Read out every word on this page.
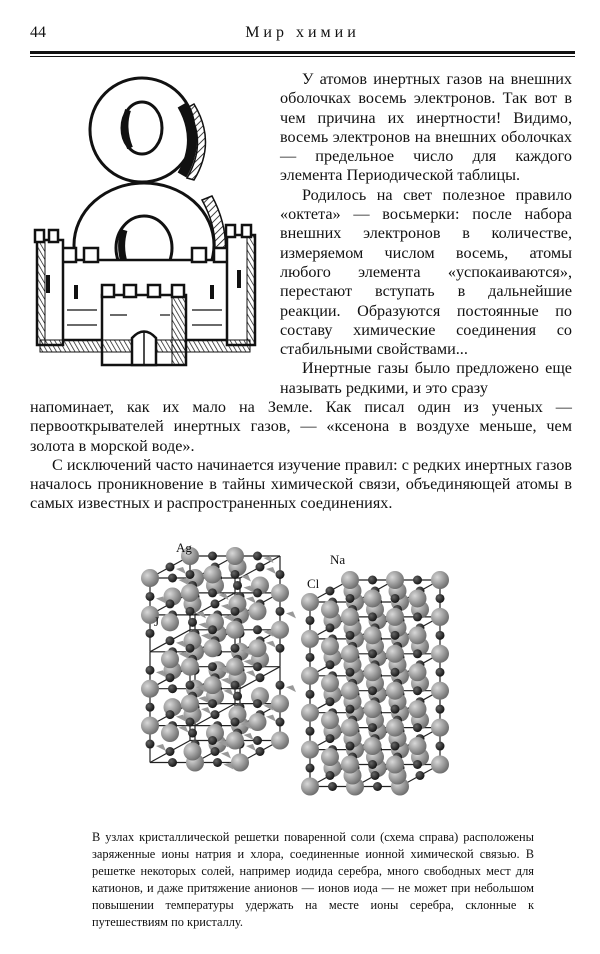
44	Мир химии

У атомов инертных газов на внешних оболочках восемь электронов. Так вот в чем причина их инертности! Видимо, восемь электронов на внешних оболочках — предельное число для каждого элемента Периодической таблицы.

Родилось на свет полезное правило «октета» — восьмерки: после набора внешних электронов в количестве, измеряемом числом восемь, атомы любого элемента «успокаиваются», перестают вступать в дальнейшие реакции. Образуются постоянные по составу химические соединения со стабильными свойствами...

Инертные газы было предложено еще называть редкими, и это сразу

напоминает, как их мало на Земле. Как писал один из ученых — первооткрывателей инертных газов, — «ксенона в воздухе меньше, чем золота в морской воде».

С исключений часто начинается изучение правил: с редких инертных газов началось проникновение в тайны химической связи, объединяющей атомы в самых известных и распространенных соединениях.

Ag
J
Na
Cl
В узлах кристаллической решетки поваренной соли (схема справа) расположены заряженные ионы натрия и хлора, соединенные ионной химической связью. В решетке некоторых солей, например иодида серебра, много свободных мест для катионов, и даже притяжение анионов — ионов иода — не может при небольшом повышении температуры удержать на месте ионы серебра, склонные к путешествиям по кристаллу.
